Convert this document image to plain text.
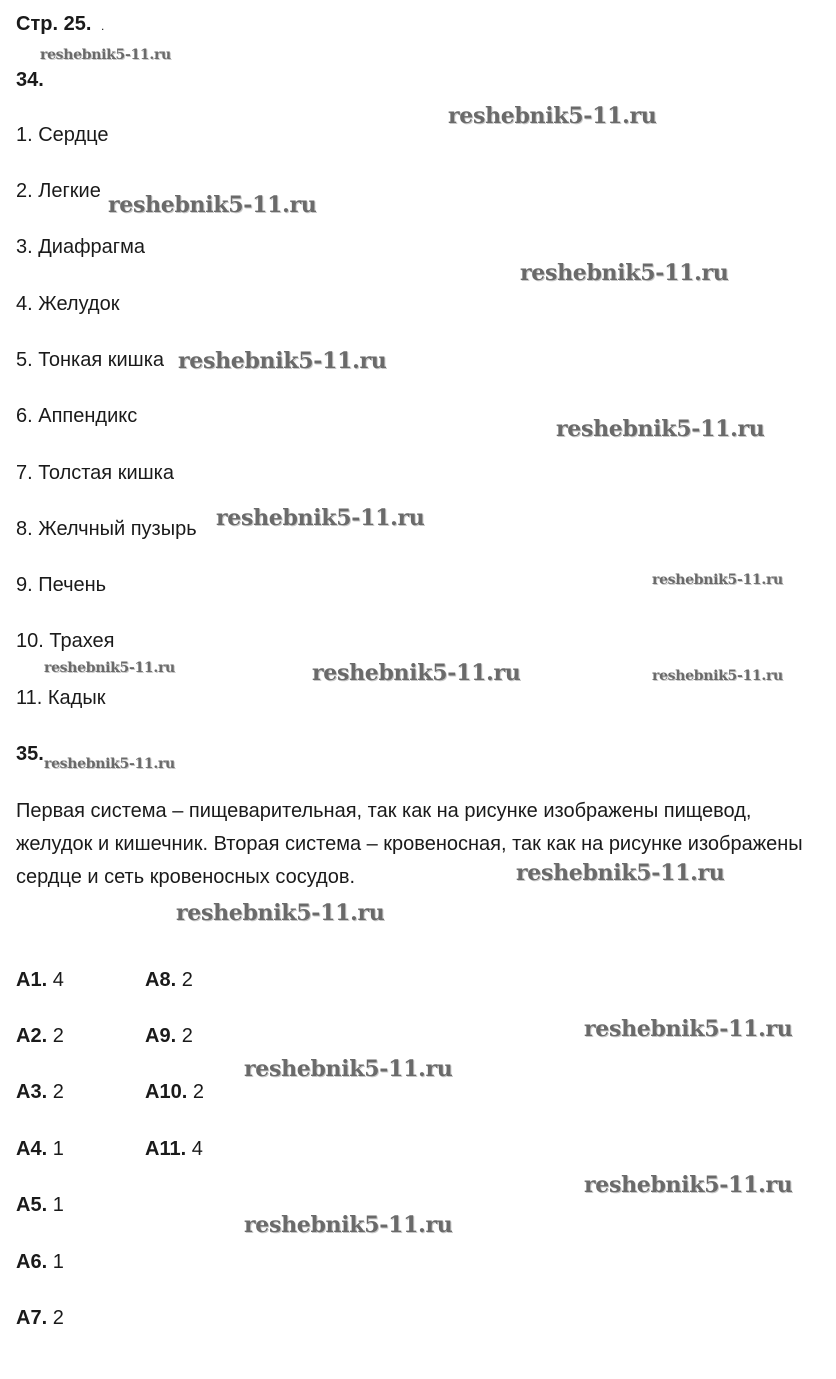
Стр. 25. .
34.
1. Сердце
2. Легкие
3. Диафрагма
4. Желудок
5. Тонкая кишка
6. Аппендикс
7. Толстая кишка
8. Желчный пузырь
9. Печень
10. Трахея
11. Кадык
35.
Первая система – пищеварительная, так как на рисунке изображены пищевод, желудок и кишечник. Вторая система – кровеносная, так как на рисунке изображены сердце и сеть кровеносных сосудов.
A1. 4
A2. 2
A3. 2
A4. 1
A5. 1
A6. 1
A7. 2
A8. 2
A9. 2
A10. 2
A11. 4
reshebnik5-11.ru
reshebnik5-11.ru
reshebnik5-11.ru
reshebnik5-11.ru
reshebnik5-11.ru
reshebnik5-11.ru
reshebnik5-11.ru
reshebnik5-11.ru
reshebnik5-11.ru	reshebnik5-11.ru	reshebnik5-11.ru
reshebnik5-11.ru
reshebnik5-11.ru
reshebnik5-11.ru
reshebnik5-11.ru
reshebnik5-11.ru
reshebnik5-11.ru
reshebnik5-11.ru
